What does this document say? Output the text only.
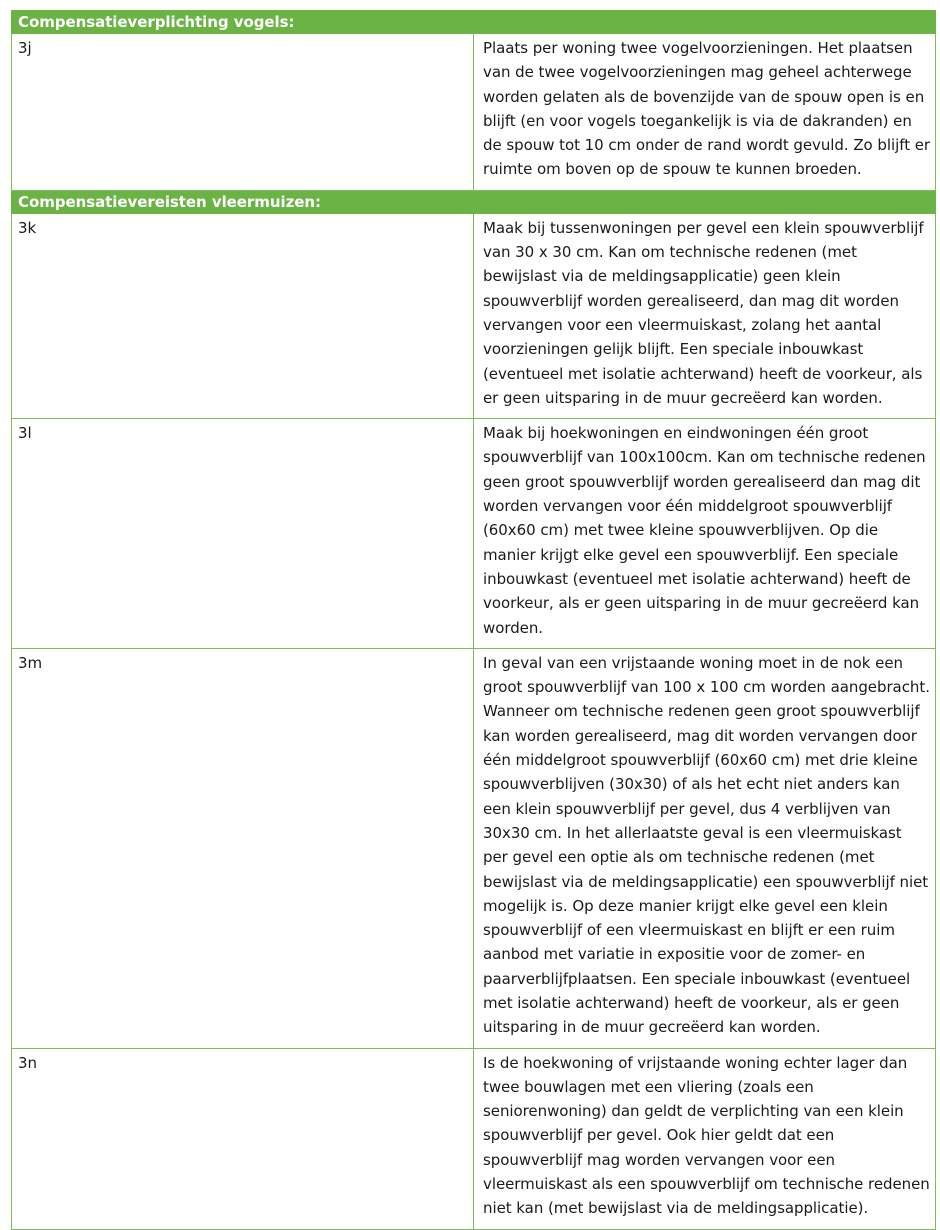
Compensatieverplichting vogels:	

3j	Plaats per woning twee vogelvoorzieningen. Het plaatsen van de twee vogelvoorzieningen mag geheel achterwege worden gelaten als de bovenzijde van de spouw open is en blijft (en voor vogels toegankelijk is via de dakranden) en de spouw tot 10 cm onder de rand wordt gevuld. Zo blijft er ruimte om boven op de spouw te kunnen broeden.

Compensatievereisten vleermuizen:	

3k	Maak bij tussenwoningen per gevel een klein spouwverblijf van 30 x 30 cm. Kan om technische redenen (met bewijslast via de meldingsapplicatie) geen klein spouwverblijf worden gerealiseerd, dan mag dit worden vervangen voor een vleermuiskast, zolang het aantal voorzieningen gelijk blijft. Een speciale inbouwkast (eventueel met isolatie achterwand) heeft de voorkeur, als er geen uitsparing in de muur gecreëerd kan worden.
3l	Maak bij hoekwoningen en eindwoningen één groot spouwverblijf van 100x100cm. Kan om technische redenen geen groot spouwverblijf worden gerealiseerd dan mag dit worden vervangen voor één middelgroot spouwverblijf (60x60 cm) met twee kleine spouwverblijven. Op die manier krijgt elke gevel een spouwverblijf. Een speciale inbouwkast (eventueel met isolatie achterwand) heeft de voorkeur, als er geen uitsparing in de muur gecreëerd kan worden.
3m	In geval van een vrijstaande woning moet in de nok een groot spouwverblijf van 100 x 100 cm worden aangebracht. Wanneer om technische redenen geen groot spouwverblijf kan worden gerealiseerd, mag dit worden vervangen door één middelgroot spouwverblijf (60x60 cm) met drie kleine spouwverblijven (30x30) of als het echt niet anders kan een klein spouwverblijf per gevel, dus 4 verblijven van 30x30 cm. In het allerlaatste geval is een vleermuiskast per gevel een optie als om technische redenen (met bewijslast via de meldingsapplicatie) een spouwverblijf niet mogelijk is. Op deze manier krijgt elke gevel een klein spouwverblijf of een vleermuiskast en blijft er een ruim aanbod met variatie in expositie voor de zomer- en paarverblijfplaatsen. Een speciale inbouwkast (eventueel met isolatie achterwand) heeft de voorkeur, als er geen uitsparing in de muur gecreëerd kan worden.
3n	Is de hoekwoning of vrijstaande woning echter lager dan twee bouwlagen met een vliering (zoals een seniorenwoning) dan geldt de verplichting van een klein spouwverblijf per gevel. Ook hier geldt dat een spouwverblijf mag worden vervangen voor een vleermuiskast als een spouwverblijf om technische redenen niet kan (met bewijslast via de meldingsapplicatie).
